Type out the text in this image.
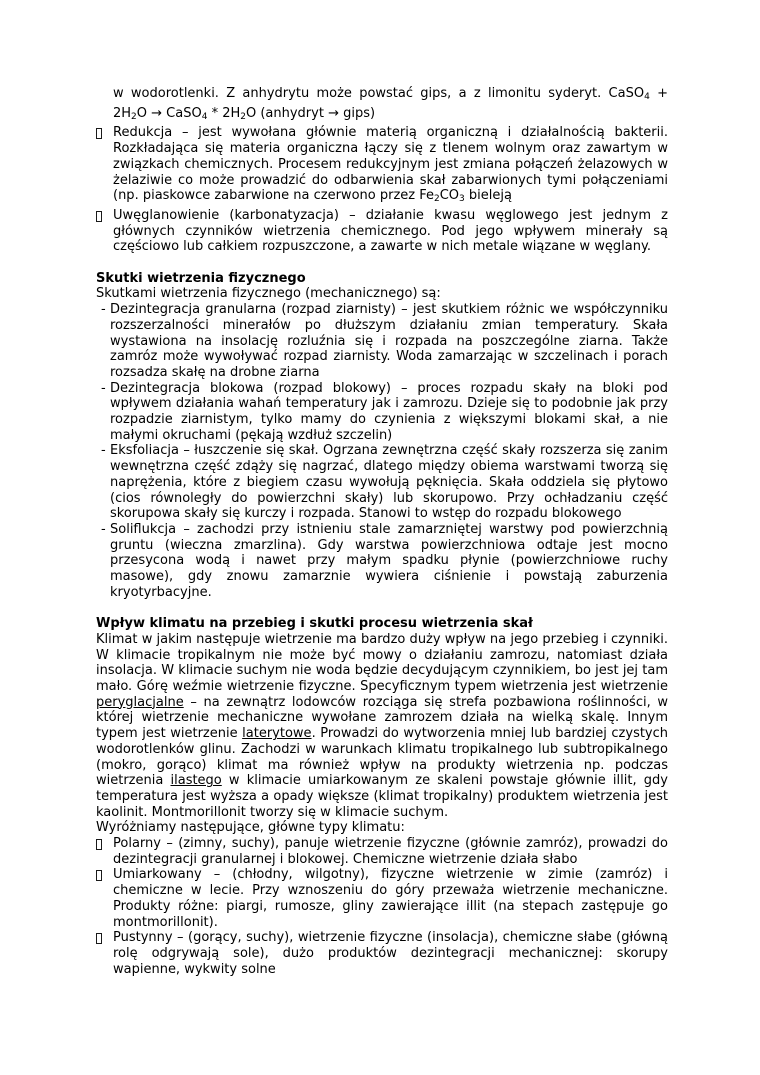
w wodorotlenki. Z anhydrytu może powstać gips, a z limonitu syderyt. CaSO$_4$ + $2H_2O$ → CaSO$_4$ * $2H_2O$ (anhydryt → gips)

Redukcja – jest wywołana głównie materią organiczną i działalnością bakterii. Rozkładająca się materia organiczna łączy się z tlenem wolnym oraz zawartym w związkach chemicznych. Procesem redukcyjnym jest zmiana połączeń żelazowych w żelaziwie co może prowadzić do odbarwienia skał zabarwionych tymi połączeniami (np. piaskowce zabarwione na czerwono przez $Fe_2CO_3$ bieleją
Uwęglanowienie (karbonatyzacja) – działanie kwasu węglowego jest jednym z głównych czynników wietrzenia chemicznego. Pod jego wpływem minerały są częściowo lub całkiem rozpuszczone, a zawarte w nich metale wiązane w węglany.
Skutki wietrzenia fizycznego

Skutkami wietrzenia fizycznego (mechanicznego) są:

- Dezintegracja granularna (rozpad ziarnisty) – jest skutkiem różnic we współczynniku rozszerzalności minerałów po dłuższym działaniu zmian temperatury. Skała wystawiona na insolację rozluźnia się i rozpada na poszczególne ziarna. Także zamróz może wywoływać rozpad ziarnisty. Woda zamarzając w szczelinach i porach rozsadza skałę na drobne ziarna
- Dezintegracja blokowa (rozpad blokowy) – proces rozpadu skały na bloki pod wpływem działania wahań temperatury jak i zamrozu. Dzieje się to podobnie jak przy rozpadzie ziarnistym, tylko mamy do czynienia z większymi blokami skał, a nie małymi okruchami (pękają wzdłuż szczelin)
- Eksfoliacja – łuszczenie się skał. Ogrzana zewnętrzna część skały rozszerza się zanim wewnętrzna część zdąży się nagrzać, dlatego między obiema warstwami tworzą się naprężenia, które z biegiem czasu wywołują pęknięcia. Skała oddziela się płytowo (cios równoległy do powierzchni skały) lub skorupowo. Przy ochładzaniu część skorupowa skały się kurczy i rozpada. Stanowi to wstęp do rozpadu blokowego
- Soliflukcja – zachodzi przy istnieniu stale zamarzniętej warstwy pod powierzchnią gruntu (wieczna zmarzlina). Gdy warstwa powierzchniowa odtaje jest mocno przesycona wodą i nawet przy małym spadku płynie (powierzchniowe ruchy masowe), gdy znowu zamarznie wywiera ciśnienie i powstają zaburzenia kryotyrbacyjne.
Wpływ klimatu na przebieg i skutki procesu wietrzenia skał

Klimat w jakim następuje wietrzenie ma bardzo duży wpływ na jego przebieg i czynniki. W klimacie tropikalnym nie może być mowy o działaniu zamrozu, natomiast działa insolacja. W klimacie suchym nie woda będzie decydującym czynnikiem, bo jest jej tam mało. Górę weźmie wietrzenie fizyczne. Specyficznym typem wietrzenia jest wietrzenie peryglacjalne – na zewnątrz lodowców rozciąga się strefa pozbawiona roślinności, w której wietrzenie mechaniczne wywołane zamrozem działa na wielką skalę. Innym typem jest wietrzenie laterytowe. Prowadzi do wytworzenia mniej lub bardziej czystych wodorotlenków glinu. Zachodzi w warunkach klimatu tropikalnego lub subtropikalnego (mokro, gorąco) klimat ma również wpływ na produkty wietrzenia np. podczas wietrzenia ilastego w klimacie umiarkowanym ze skaleni powstaje głównie illit, gdy temperatura jest wyższa a opady większe (klimat tropikalny) produktem wietrzenia jest kaolinit. Montmorillonit tworzy się w klimacie suchym.

Wyróżniamy następujące, główne typy klimatu:

Polarny – (zimny, suchy), panuje wietrzenie fizyczne (głównie zamróz), prowadzi do dezintegracji granularnej i blokowej. Chemiczne wietrzenie działa słabo
Umiarkowany – (chłodny, wilgotny), fizyczne wietrzenie w zimie (zamróz) i chemiczne w lecie. Przy wznoszeniu do góry przeważa wietrzenie mechaniczne. Produkty różne: piargi, rumosze, gliny zawierające illit (na stepach zastępuje go montmorillonit).
Pustynny – (gorący, suchy), wietrzenie fizyczne (insolacja), chemiczne słabe (główną rolę odgrywają sole), dużo produktów dezintegracji mechanicznej: skorupy wapienne, wykwity solne
